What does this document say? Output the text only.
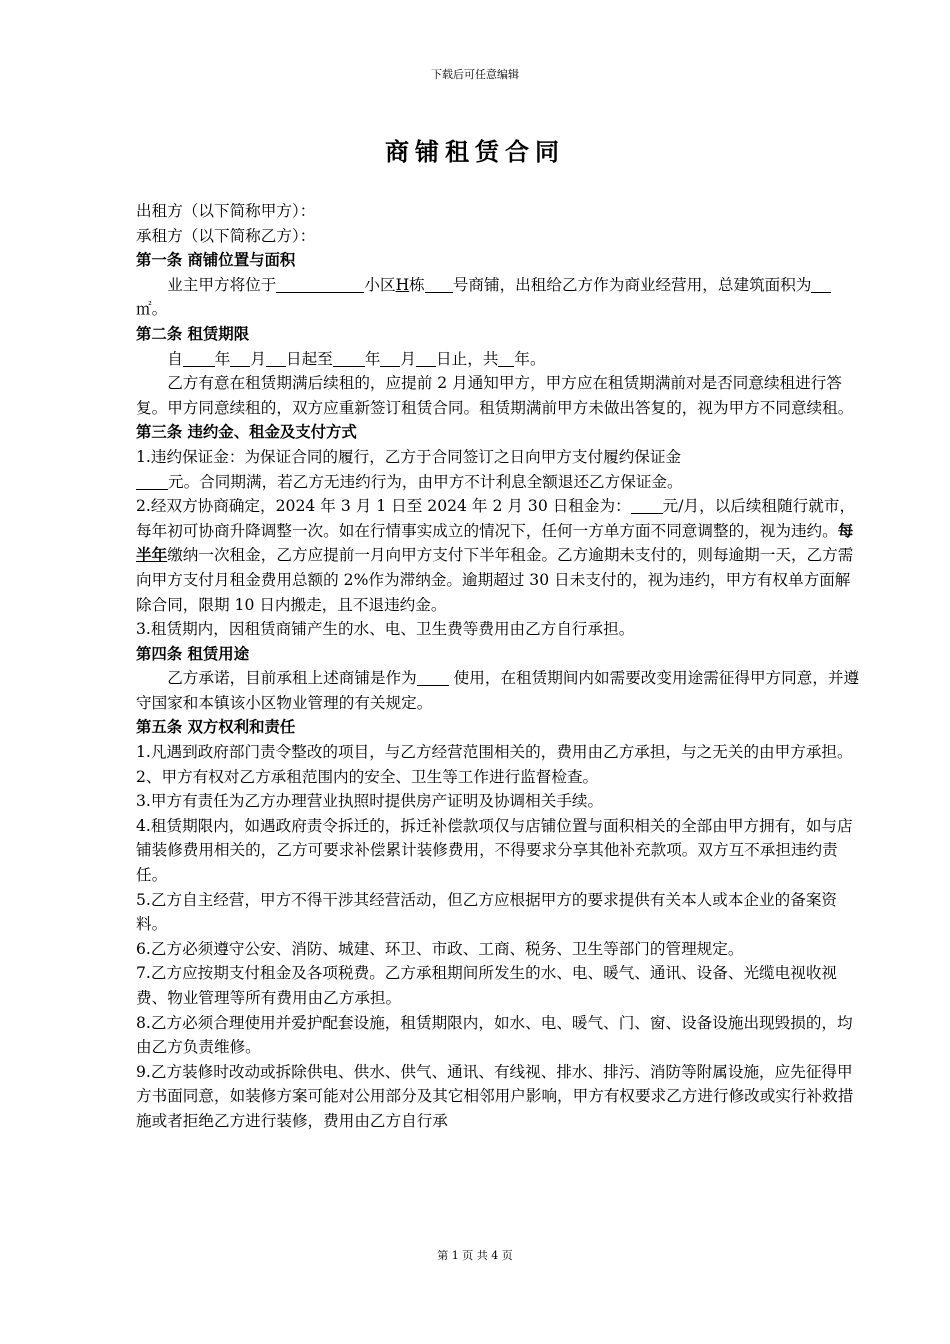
下载后可任意编辑
商铺租赁合同

出租方（以下简称甲方）：

承租方（以下简称乙方）：

第一条 商铺位置与面积

业主甲方将位于	小区H栋 号商铺，出租给乙方作为商业经营用，总建筑面积为㎡。

第二条 租赁期限

自 年 月 日起至 年 月 日止，共 年。

乙方有意在租赁期满后续租的，应提前 2 月通知甲方，甲方应在租赁期满前对是否同意续租进行答复。甲方同意续租的，双方应重新签订租赁合同。租赁期满前甲方未做出答复的，视为甲方不同意续租。

第三条 违约金、租金及支付方式

1.违约保证金：为保证合同的履行，乙方于合同签订之日向甲方支付履约保证金
元。合同期满，若乙方无违约行为，由甲方不计利息全额退还乙方保证金。

2.经双方协商确定，2024 年 3 月 1 日至 2024 年 2 月 30 日租金为： 元/月，以后续租随行就市，每年初可协商升降调整一次。如在行情事实成立的情况下，任何一方单方面不同意调整的，视为违约。每半年缴纳一次租金，乙方应提前一月向甲方支付下半年租金。乙方逾期未支付的，则每逾期一天，乙方需向甲方支付月租金费用总额的 2%作为滞纳金。逾期超过 30 日未支付的，视为违约，甲方有权单方面解除合同，限期 10 日内搬走，且不退违约金。

3.租赁期内，因租赁商铺产生的水、电、卫生费等费用由乙方自行承担。

第四条 租赁用途

乙方承诺，目前承租上述商铺是作为 使用，在租赁期间内如需要改变用途需征得甲方同意，并遵守国家和本镇该小区物业管理的有关规定。

第五条 双方权利和责任

1.凡遇到政府部门责令整改的项目，与乙方经营范围相关的，费用由乙方承担，与之无关的由甲方承担。

2、甲方有权对乙方承租范围内的安全、卫生等工作进行监督检查。

3.甲方有责任为乙方办理营业执照时提供房产证明及协调相关手续。

4.租赁期限内，如遇政府责令拆迁的，拆迁补偿款项仅与店铺位置与面积相关的全部由甲方拥有，如与店铺装修费用相关的，乙方可要求补偿累计装修费用，不得要求分享其他补充款项。双方互不承担违约责任。

5.乙方自主经营，甲方不得干涉其经营活动，但乙方应根据甲方的要求提供有关本人或本企业的备案资料。

6.乙方必须遵守公安、消防、城建、环卫、市政、工商、税务、卫生等部门的管理规定。

7.乙方应按期支付租金及各项税费。乙方承租期间所发生的水、电、暖气、通讯、设备、光缆电视收视费、物业管理等所有费用由乙方承担。

8.乙方必须合理使用并爱护配套设施，租赁期限内，如水、电、暖气、门、窗、设备设施出现毁损的，均由乙方负责维修。

9.乙方装修时改动或拆除供电、供水、供气、通讯、有线视、排水、排污、消防等附属设施，应先征得甲方书面同意，如装修方案可能对公用部分及其它相邻用户影响，甲方有权要求乙方进行修改或实行补救措施或者拒绝乙方进行装修，费用由乙方自行承

第 1 页 共 4 页
